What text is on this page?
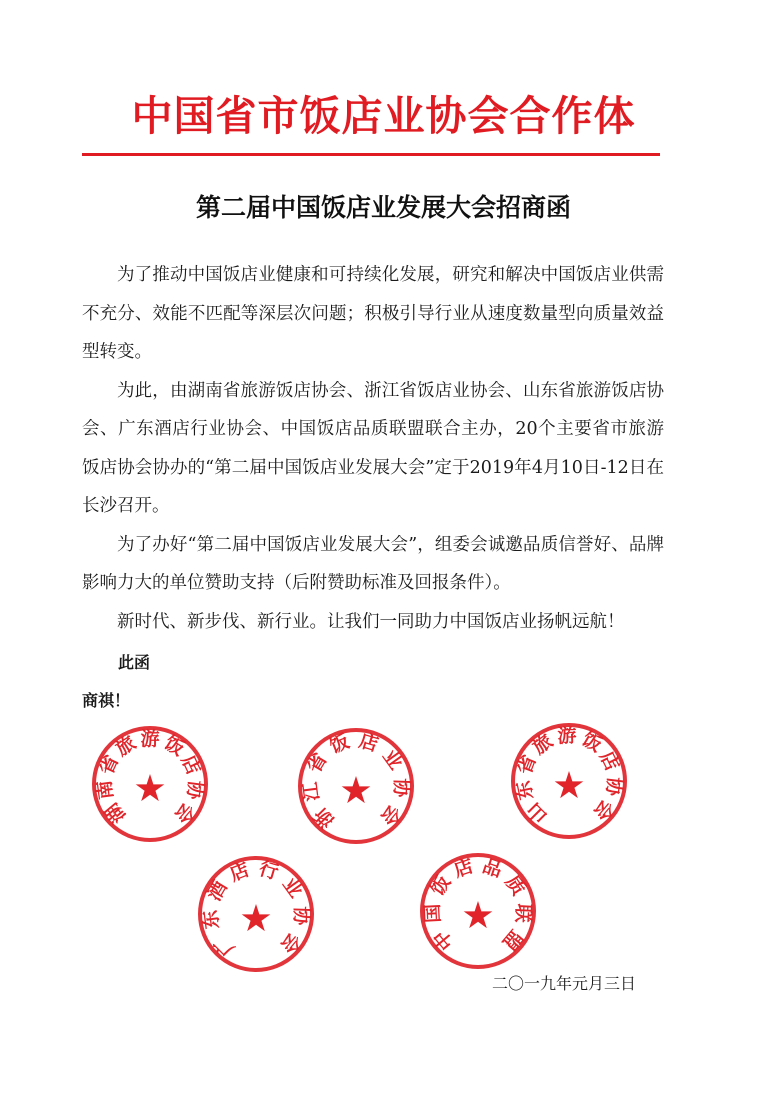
中国省市饭店业协会合作体
第二届中国饭店业发展大会招商函

为了推动中国饭店业健康和可持续化发展，研究和解决中国饭店业供需不充分、效能不匹配等深层次问题；积极引导行业从速度数量型向质量效益型转变。

为此，由湖南省旅游饭店协会、浙江省饭店业协会、山东省旅游饭店协会、广东酒店行业协会、中国饭店品质联盟联合主办，20个主要省市旅游饭店协会协办的“第二届中国饭店业发展大会”定于2019年4月10日-12日在长沙召开。

为了办好“第二届中国饭店业发展大会”，组委会诚邀品质信誉好、品牌影响力大的单位赞助支持（后附赞助标准及回报条件）。

新时代、新步伐、新行业。让我们一同助力中国饭店业扬帆远航！

此函
商祺！
湖
南
省
旅 游 饭
店
协
会	浙
江
省
饭 店
业
协
会	山
东
省
旅 游 饭
店
协
会
广
东
酒
店 行
业
协
会	中
国
饭
店 品
质
联
盟
二〇一九年元月三日
